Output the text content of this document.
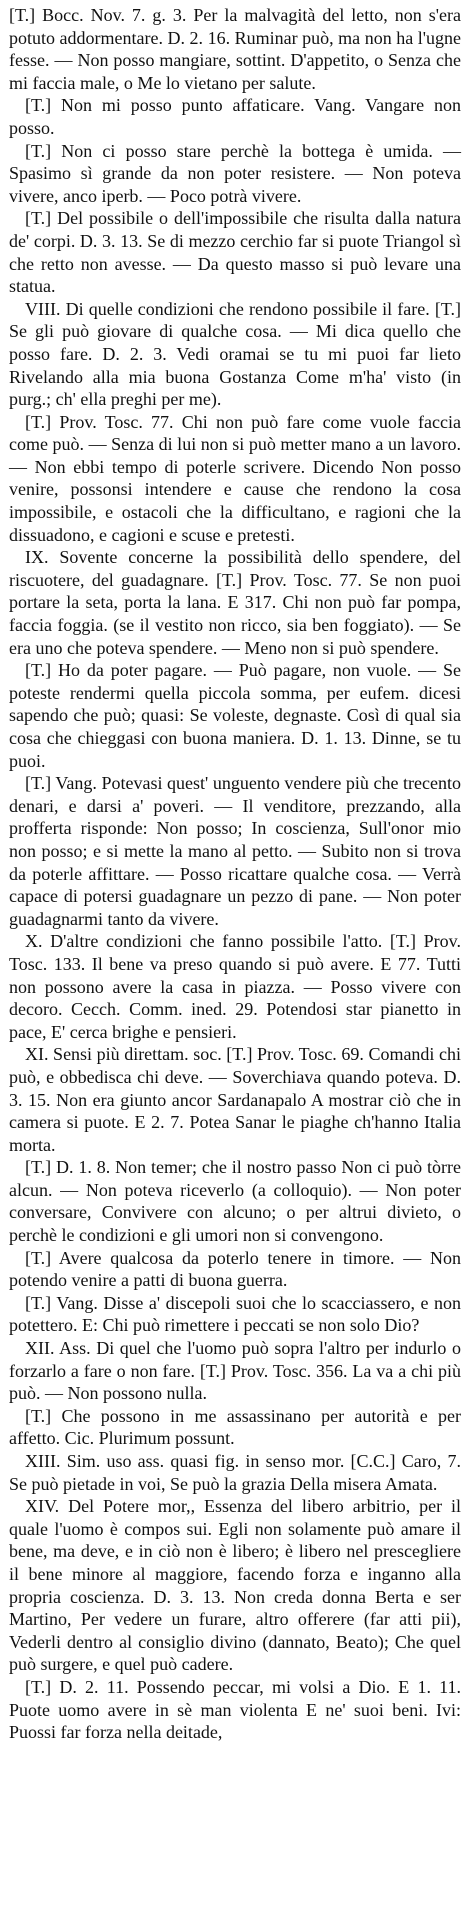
[T.] Bocc. Nov. 7. g. 3. Per la malvagità del letto, non s'era potuto addormentare. D. 2. 16. Ruminar può, ma non ha l'ugne fesse. — Non posso mangiare, sottint. D'appetito, o Senza che mi faccia male, o Me lo vietano per salute.

[T.] Non mi posso punto affaticare. Vang. Vangare non posso.

[T.] Non ci posso stare perchè la bottega è umida. — Spasimo sì grande da non poter resistere. — Non poteva vivere, anco iperb. — Poco potrà vivere.

[T.] Del possibile o dell'impossibile che risulta dalla natura de' corpi. D. 3. 13. Se di mezzo cerchio far si puote Triangol sì che retto non avesse. — Da questo masso si può levare una statua.

VIII. Di quelle condizioni che rendono possibile il fare. [T.] Se gli può giovare di qualche cosa. — Mi dica quello che posso fare. D. 2. 3. Vedi oramai se tu mi puoi far lieto Rivelando alla mia buona Gostanza Come m'ha' visto (in purg.; ch' ella preghi per me).

[T.] Prov. Tosc. 77. Chi non può fare come vuole faccia come può. — Senza di lui non si può metter mano a un lavoro. — Non ebbi tempo di poterle scrivere. Dicendo Non posso venire, possonsi intendere e cause che rendono la cosa impossibile, e ostacoli che la difficultano, e ragioni che la dissuadono, e cagioni e scuse e pretesti.

IX. Sovente concerne la possibilità dello spendere, del riscuotere, del guadagnare. [T.] Prov. Tosc. 77. Se non puoi portare la seta, porta la lana. E 317. Chi non può far pompa, faccia foggia. (se il vestito non ricco, sia ben foggiato). — Se era uno che poteva spendere. — Meno non si può spendere.

[T.] Ho da poter pagare. — Può pagare, non vuole. — Se poteste rendermi quella piccola somma, per eufem. dicesi sapendo che può; quasi: Se voleste, degnaste. Così di qual sia cosa che chieggasi con buona maniera. D. 1. 13. Dinne, se tu puoi.

[T.] Vang. Potevasi quest' unguento vendere più che trecento denari, e darsi a' poveri. — Il venditore, prezzando, alla profferta risponde: Non posso; In coscienza, Sull'onor mio non posso; e si mette la mano al petto. — Subito non si trova da poterle affittare. — Posso ricattare qualche cosa. — Verrà capace di potersi guadagnare un pezzo di pane. — Non poter guadagnarmi tanto da vivere.

X. D'altre condizioni che fanno possibile l'atto. [T.] Prov. Tosc. 133. Il bene va preso quando si può avere. E 77. Tutti non possono avere la casa in piazza. — Posso vivere con decoro. Cecch. Comm. ined. 29. Potendosi star pianetto in pace, E' cerca brighe e pensieri.

XI. Sensi più direttam. soc. [T.] Prov. Tosc. 69. Comandi chi può, e obbedisca chi deve. — Soverchiava quando poteva. D. 3. 15. Non era giunto ancor Sardanapalo A mostrar ciò che in camera si puote. E 2. 7. Potea Sanar le piaghe ch'hanno Italia morta.

[T.] D. 1. 8. Non temer; che il nostro passo Non ci può tòrre alcun. — Non poteva riceverlo (a colloquio). — Non poter conversare, Convivere con alcuno; o per altrui divieto, o perchè le condizioni e gli umori non si convengono.

[T.] Avere qualcosa da poterlo tenere in timore. — Non potendo venire a patti di buona guerra.

[T.] Vang. Disse a' discepoli suoi che lo scacciassero, e non potettero. E: Chi può rimettere i peccati se non solo Dio?

XII. Ass. Di quel che l'uomo può sopra l'altro per indurlo o forzarlo a fare o non fare. [T.] Prov. Tosc. 356. La va a chi più può. — Non possono nulla.

[T.] Che possono in me assassinano per autorità e per affetto. Cic. Plurimum possunt.

XIII. Sim. uso ass. quasi fig. in senso mor. [C.C.] Caro, 7. Se può pietade in voi, Se può la grazia Della misera Amata.

XIV. Del Potere mor,, Essenza del libero arbitrio, per il quale l'uomo è compos sui. Egli non solamente può amare il bene, ma deve, e in ciò non è libero; è libero nel prescegliere il bene minore al maggiore, facendo forza e inganno alla propria coscienza. D. 3. 13. Non creda donna Berta e ser Martino, Per vedere un furare, altro offerere (far atti pii), Vederli dentro al consiglio divino (dannato, Beato); Che quel può surgere, e quel può cadere.

[T.] D. 2. 11. Possendo peccar, mi volsi a Dio. E 1. 11. Puote uomo avere in sè man violenta E ne' suoi beni. Ivi: Puossi far forza nella deitade,
